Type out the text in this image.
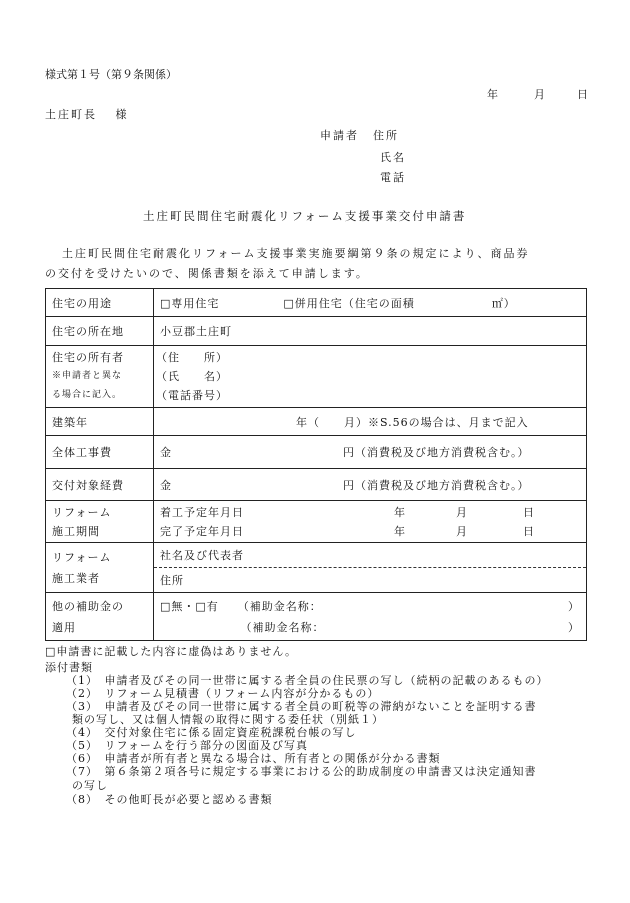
様式第１号（第９条関係）
年	月	日
土庄町長　 様
申請者 住所
氏名
電話
土庄町民間住宅耐震化リフォーム支援事業交付申請書
土庄町民間住宅耐震化リフォーム支援事業実施要綱第９条の規定により、商品券
の交付を受けたいので、関係書類を添えて申請します。
住宅の用途	□専用住宅 □併用住宅（住宅の面積 ㎡）
住宅の所在地	小豆郡土庄町

住宅の所有者
※申請者と異な
る場合に記入。	（住　　所）
（氏　　名）
（電話番号）

建築年	年（　　月）※S.56の場合は、月まで記入
全体工事費	金 円（消費税及び地方消費税含む。）
交付対象経費	金 円（消費税及び地方消費税含む。）

リフォーム
施工期間	着工予定年月日 年 月 日
完了予定年月日 年 月 日

リフォーム
施工業者	社名及び代表者
	住所

他の補助金の
適用	□無・□有 （補助金名称： ）
（補助金名称： ）
□申請書に記載した内容に虚偽はありません。
添付書類
（1）　申請者及びその同一世帯に属する者全員の住民票の写し（続柄の記載のあるもの）
（2）　リフォーム見積書（リフォーム内容が分かるもの）
（3）　申請者及びその同一世帯に属する者全員の町税等の滞納がないことを証明する書
類の写し、又は個人情報の取得に関する委任状（別紙１）
（4）　交付対象住宅に係る固定資産税課税台帳の写し
（5）　リフォームを行う部分の図面及び写真
（6）　申請者が所有者と異なる場合は、所有者との関係が分かる書類
（7）　第６条第２項各号に規定する事業における公的助成制度の申請書又は決定通知書
の写し
（8）　その他町長が必要と認める書類
